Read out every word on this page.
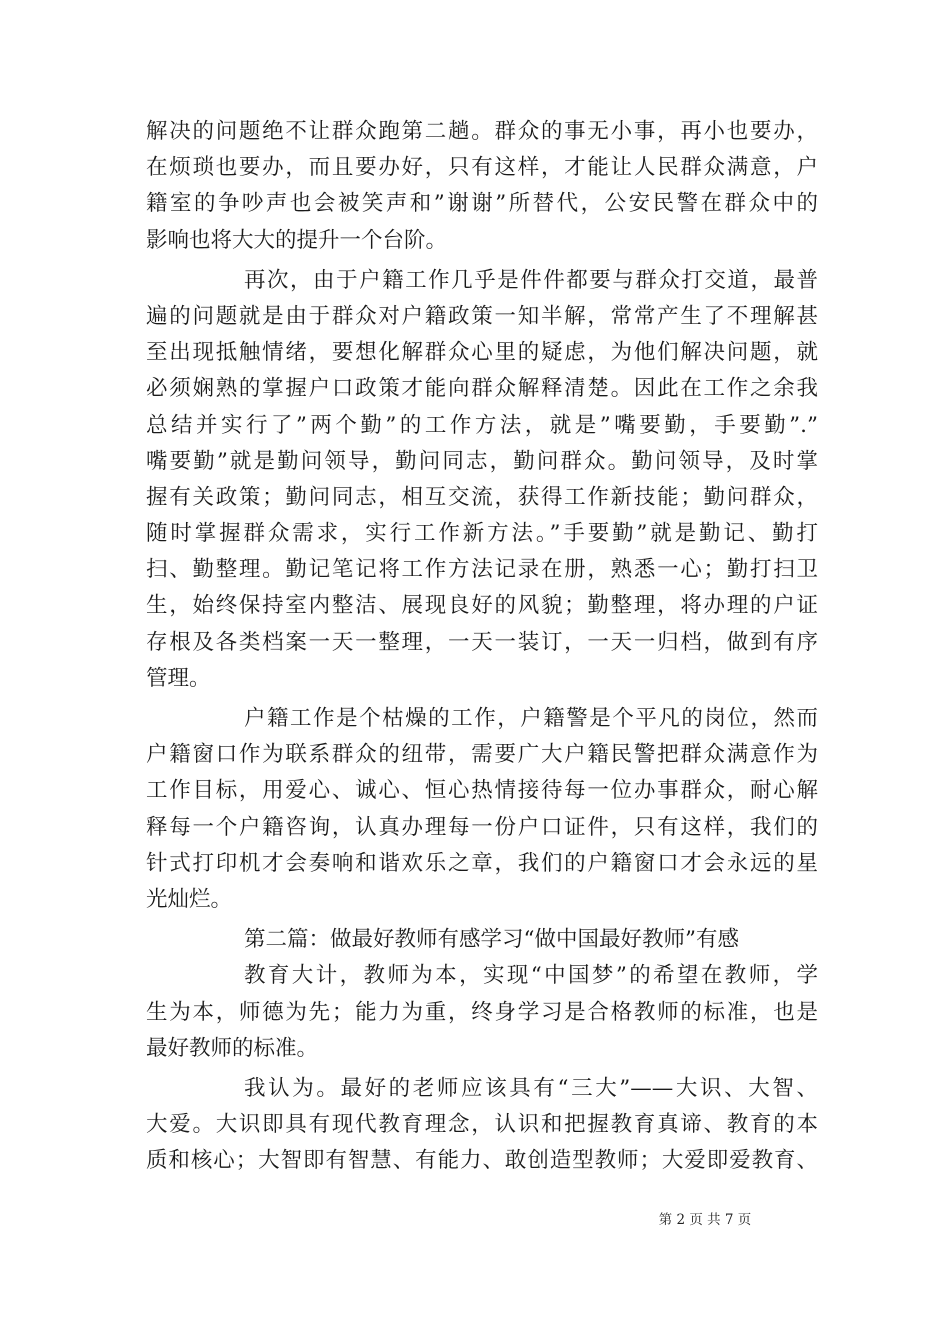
解决的问题绝不让群众跑第二趟。群众的事无小事，再小也要办，
在烦琐也要办，而且要办好，只有这样，才能让人民群众满意，户
籍室的争吵声也会被笑声和”谢谢”所替代，公安民警在群众中的
影响也将大大的提升一个台阶。
再次，由于户籍工作几乎是件件都要与群众打交道，最普
遍的问题就是由于群众对户籍政策一知半解，常常产生了不理解甚
至出现抵触情绪，要想化解群众心里的疑虑，为他们解决问题，就
必须娴熟的掌握户口政策才能向群众解释清楚。因此在工作之余我
总结并实行了”两个勤”的工作方法，就是”嘴要勤，手要勤”.”
嘴要勤”就是勤问领导，勤问同志，勤问群众。勤问领导，及时掌
握有关政策；勤问同志，相互交流，获得工作新技能；勤问群众，
随时掌握群众需求，实行工作新方法。”手要勤”就是勤记、勤打
扫、勤整理。勤记笔记将工作方法记录在册，熟悉一心；勤打扫卫
生，始终保持室内整洁、展现良好的风貌；勤整理，将办理的户证
存根及各类档案一天一整理，一天一装订，一天一归档，做到有序
管理。
户籍工作是个枯燥的工作，户籍警是个平凡的岗位，然而
户籍窗口作为联系群众的纽带，需要广大户籍民警把群众满意作为
工作目标，用爱心、诚心、恒心热情接待每一位办事群众，耐心解
释每一个户籍咨询，认真办理每一份户口证件，只有这样，我们的
针式打印机才会奏响和谐欢乐之章，我们的户籍窗口才会永远的星
光灿烂。
第二篇：做最好教师有感学习“做中国最好教师”有感
教育大计，教师为本，实现“中国梦”的希望在教师，学
生为本，师德为先；能力为重，终身学习是合格教师的标准，也是
最好教师的标准。
我认为。最好的老师应该具有“三大”——大识、大智、
大爱。大识即具有现代教育理念，认识和把握教育真谛、教育的本
质和核心；大智即有智慧、有能力、敢创造型教师；大爱即爱教育、
第 2 页 共 7 页
